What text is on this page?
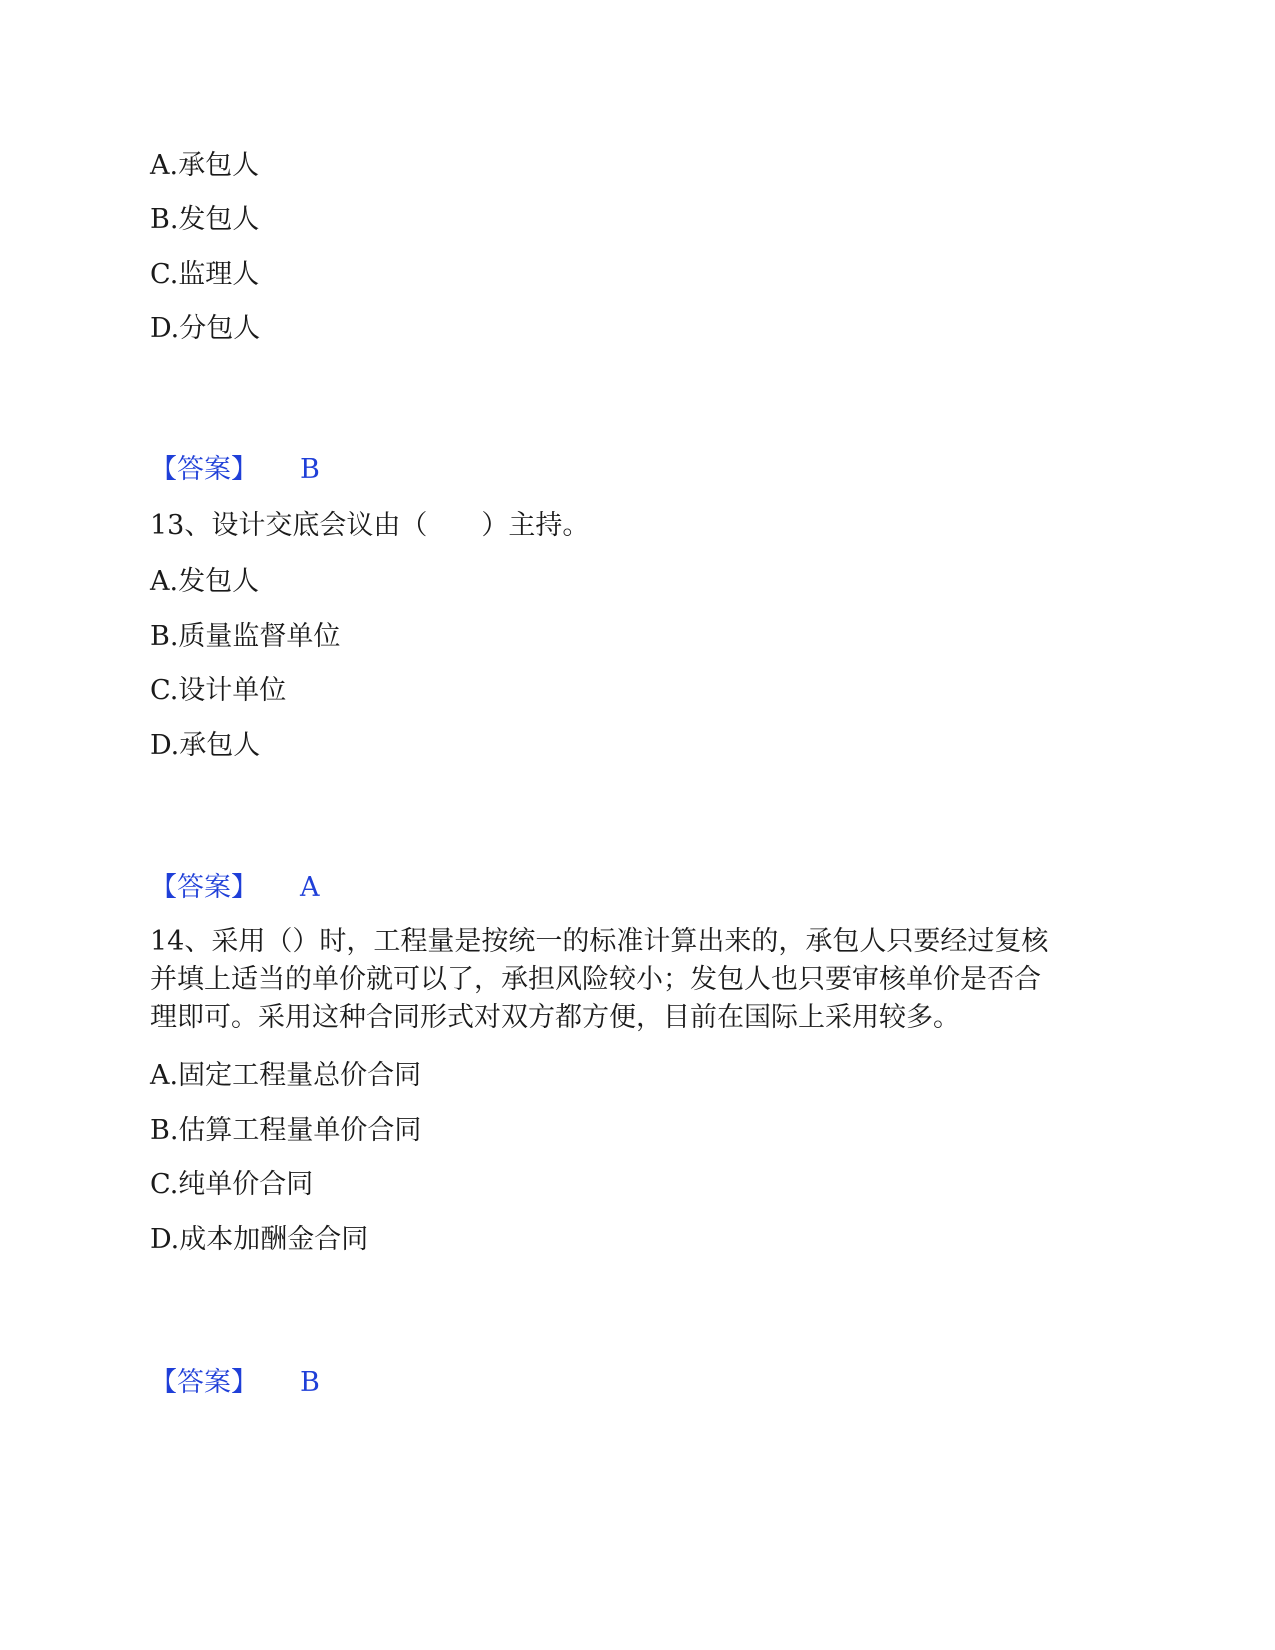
A.承包人
B.发包人
C.监理人
D.分包人
【答案】 B
13、设计交底会议由（　　）主持。
A.发包人
B.质量监督单位
C.设计单位
D.承包人
【答案】 A
14、采用（）时，工程量是按统一的标准计算出来的，承包人只要经过复核
并填上适当的单价就可以了，承担风险较小；发包人也只要审核单价是否合
理即可。采用这种合同形式对双方都方便，目前在国际上采用较多。
A.固定工程量总价合同
B.估算工程量单价合同
C.纯单价合同
D.成本加酬金合同
【答案】 B
